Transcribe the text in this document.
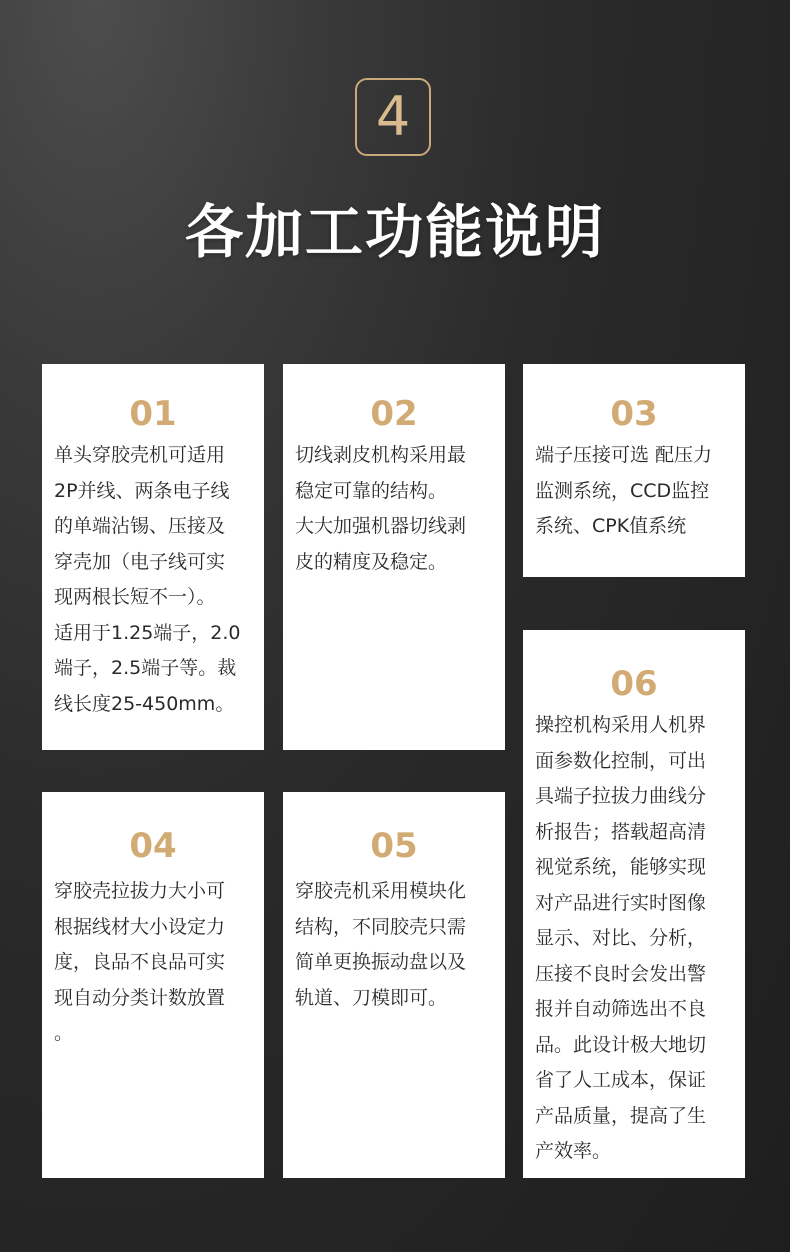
4
各加工功能说明
01
单头穿胶壳机可适用
2P并线、两条电子线
的单端沾锡、压接及
穿壳加（电子线可实
现两根长短不一）。
适用于1.25端子，2.0
端子，2.5端子等。裁
线长度25-450mm。
02
切线剥皮机构采用最
稳定可靠的结构。
大大加强机器切线剥
皮的精度及稳定。
03
端子压接可选 配压力
监测系统，CCD监控
系统、CPK值系统
04
穿胶壳拉拔力大小可
根据线材大小设定力
度，良品不良品可实
现自动分类计数放置
。
05
穿胶壳机采用模块化
结构，不同胶壳只需
简单更换振动盘以及
轨道、刀模即可。
06
操控机构采用人机界
面参数化控制，可出
具端子拉拔力曲线分
析报告；搭载超高清
视觉系统，能够实现
对产品进行实时图像
显示、对比、分析，
压接不良时会发出警
报并自动筛选出不良
品。此设计极大地切
省了人工成本，保证
产品质量，提高了生
产效率。
